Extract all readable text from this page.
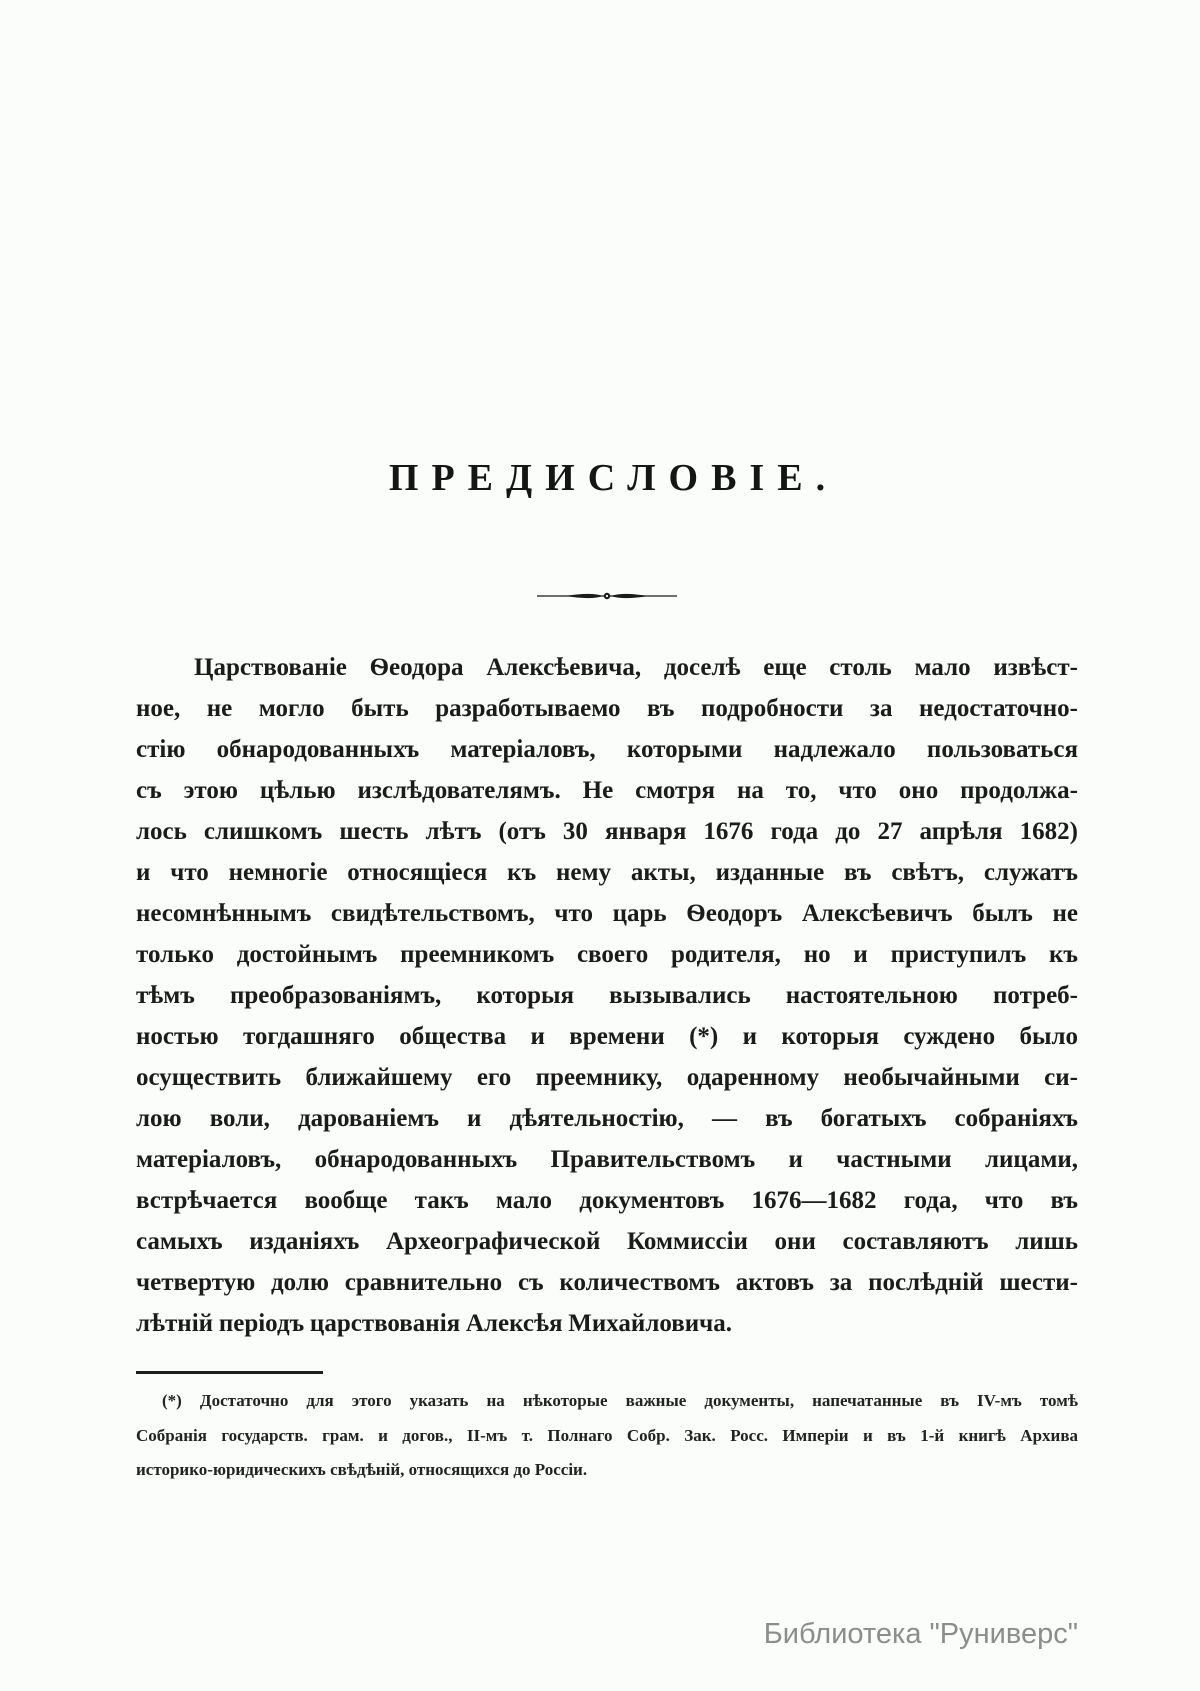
ПРЕДИСЛОВІЕ.
Царствованіе Ѳеодора Алексѣевича, доселѣ еще столь мало извѣст-
ное, не могло быть разработываемо въ подробности за недостаточно-
стію обнародованныхъ матеріаловъ, которыми надлежало пользоваться
съ этою цѣлью изслѣдователямъ. Не смотря на то, что оно продолжа-
лось слишкомъ шесть лѣтъ (отъ 30 января 1676 года до 27 апрѣля 1682)
и что немногіе относящіеся къ нему акты, изданные въ свѣтъ, служатъ
несомнѣннымъ свидѣтельствомъ, что царь Ѳеодоръ Алексѣевичъ былъ не
только достойнымъ преемникомъ своего родителя, но и приступилъ къ
тѣмъ преобразованіямъ, которыя вызывались настоятельною потреб-
ностью тогдашняго общества и времени (*) и которыя суждено было
осуществить ближайшему его преемнику, одаренному необычайными си-
лою воли, дарованіемъ и дѣятельностію, — въ богатыхъ собраніяхъ
матеріаловъ, обнародованныхъ Правительствомъ и частными лицами,
встрѣчается вообще такъ мало документовъ 1676—1682 года, что въ
самыхъ изданіяхъ Археографической Коммиссіи они составляютъ лишь
четвертую долю сравнительно съ количествомъ актовъ за послѣдній шести-
лѣтній періодъ царствованія Алексѣя Михайловича.
(*) Достаточно для этого указать на нѣкоторые важные документы, напечатанные въ IV-мъ томѣ
Собранія государств. грам. и догов., II-мъ т. Полнаго Собр. Зак. Росс. Имперіи и въ 1-й книгѣ Архива
историко-юридическихъ свѣдѣній, относящихся до Россіи.
Библиотека "Руниверс"
